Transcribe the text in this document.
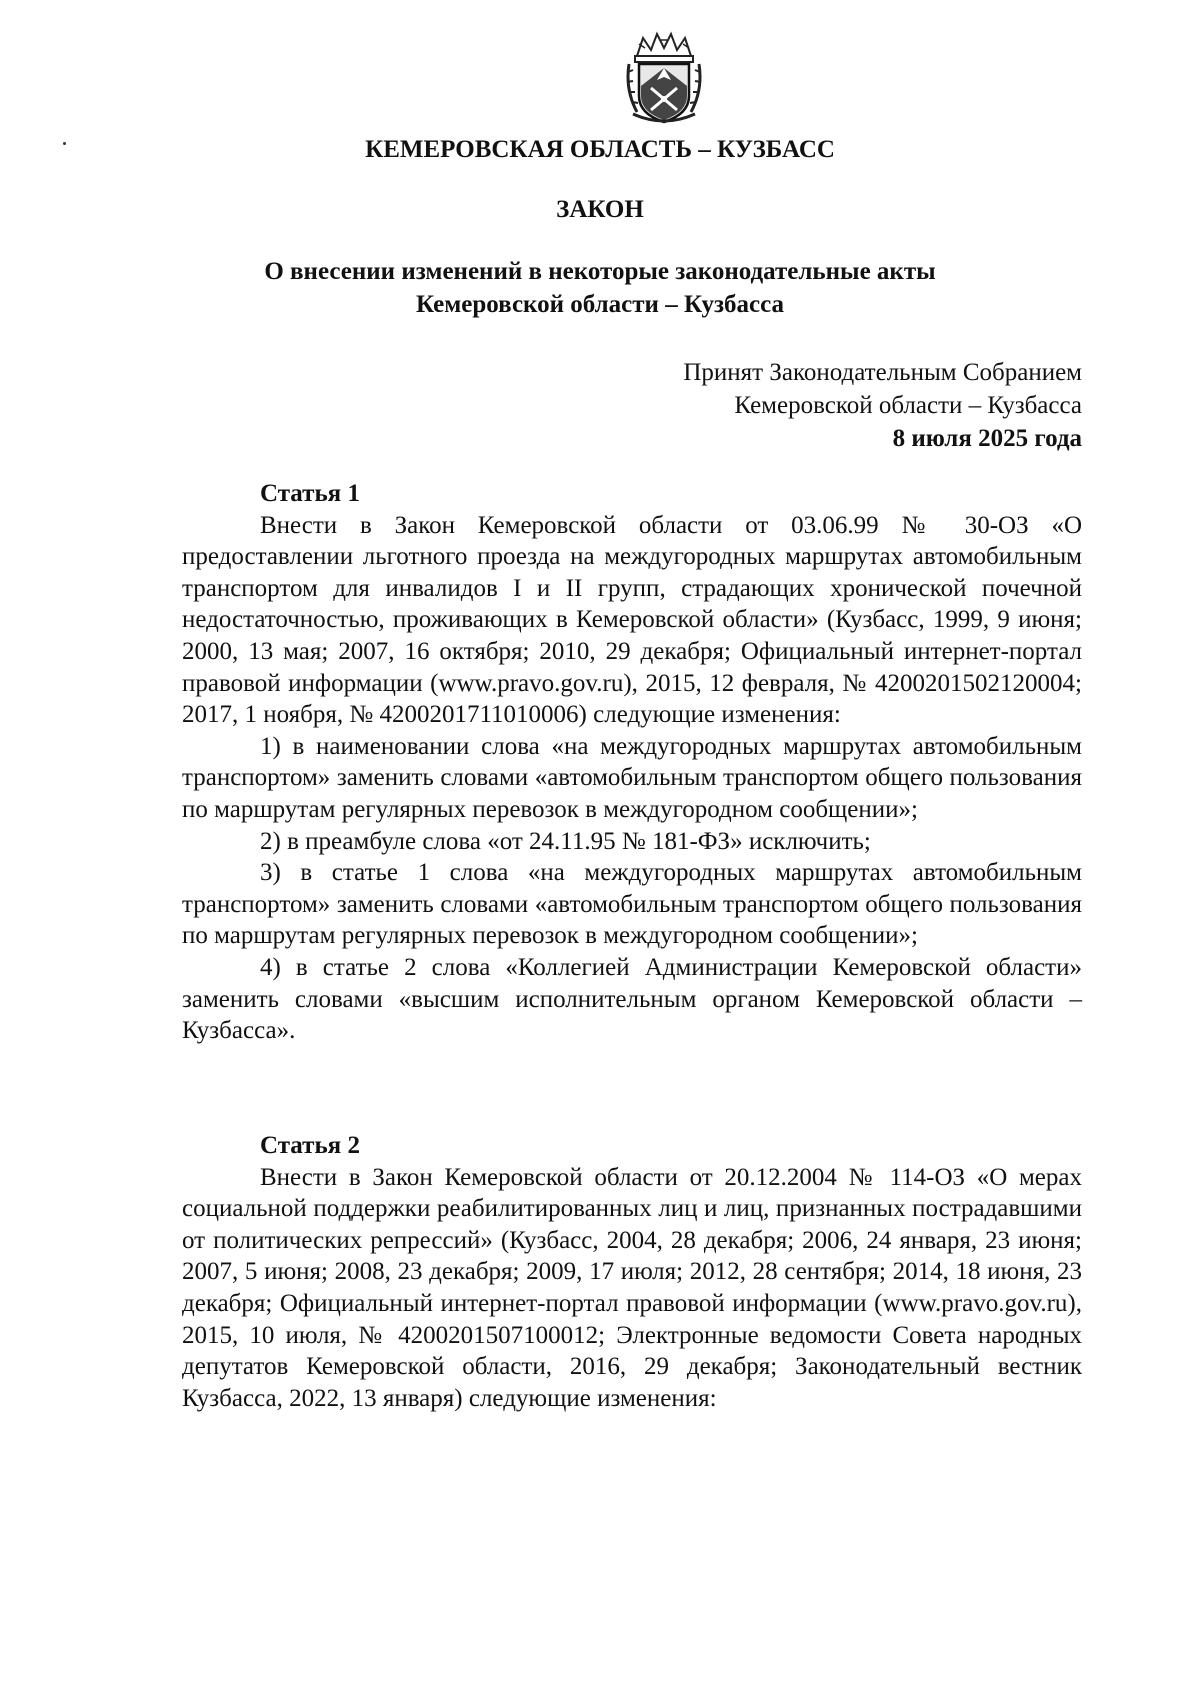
КЕМЕРОВСКАЯ ОБЛАСТЬ – КУЗБАСС
ЗАКОН
О внесении изменений в некоторые законодательные акты
Кемеровской области – Кузбасса
Принят Законодательным Собранием
Кемеровской области – Кузбасса
8 июля 2025 года
Статья 1

Внести в Закон Кемеровской области от 03.06.99 № 30-ОЗ «О предоставлении льготного проезда на междугородных маршрутах автомобильным транспортом для инвалидов I и II групп, страдающих хронической почечной недостаточностью, проживающих в Кемеровской области» (Кузбасс, 1999, 9 июня; 2000, 13 мая; 2007, 16 октября; 2010, 29 декабря; Официальный интернет-портал правовой информации (www.pravo.gov.ru), 2015, 12 февраля, № 4200201502120004; 2017, 1 ноября, № 4200201711010006) следующие изменения:

1) в наименовании слова «на междугородных маршрутах автомобильным транспортом» заменить словами «автомобильным транспортом общего пользования по маршрутам регулярных перевозок в междугородном сообщении»;

2) в преамбуле слова «от 24.11.95 № 181-ФЗ» исключить;

3) в статье 1 слова «на междугородных маршрутах автомобильным транспортом» заменить словами «автомобильным транспортом общего пользования по маршрутам регулярных перевозок в междугородном сообщении»;

4) в статье 2 слова «Коллегией Администрации Кемеровской области» заменить словами «высшим исполнительным органом Кемеровской области – Кузбасса».

Статья 2

Внести в Закон Кемеровской области от 20.12.2004 № 114-ОЗ «О мерах социальной поддержки реабилитированных лиц и лиц, признанных пострадавшими от политических репрессий» (Кузбасс, 2004, 28 декабря; 2006, 24 января, 23 июня; 2007, 5 июня; 2008, 23 декабря; 2009, 17 июля; 2012, 28 сентября; 2014, 18 июня, 23 декабря; Официальный интернет-портал правовой информации (www.pravo.gov.ru), 2015, 10 июля, № 4200201507100012; Электронные ведомости Совета народных депутатов Кемеровской области, 2016, 29 декабря; Законодательный вестник Кузбасса, 2022, 13 января) следующие изменения:
